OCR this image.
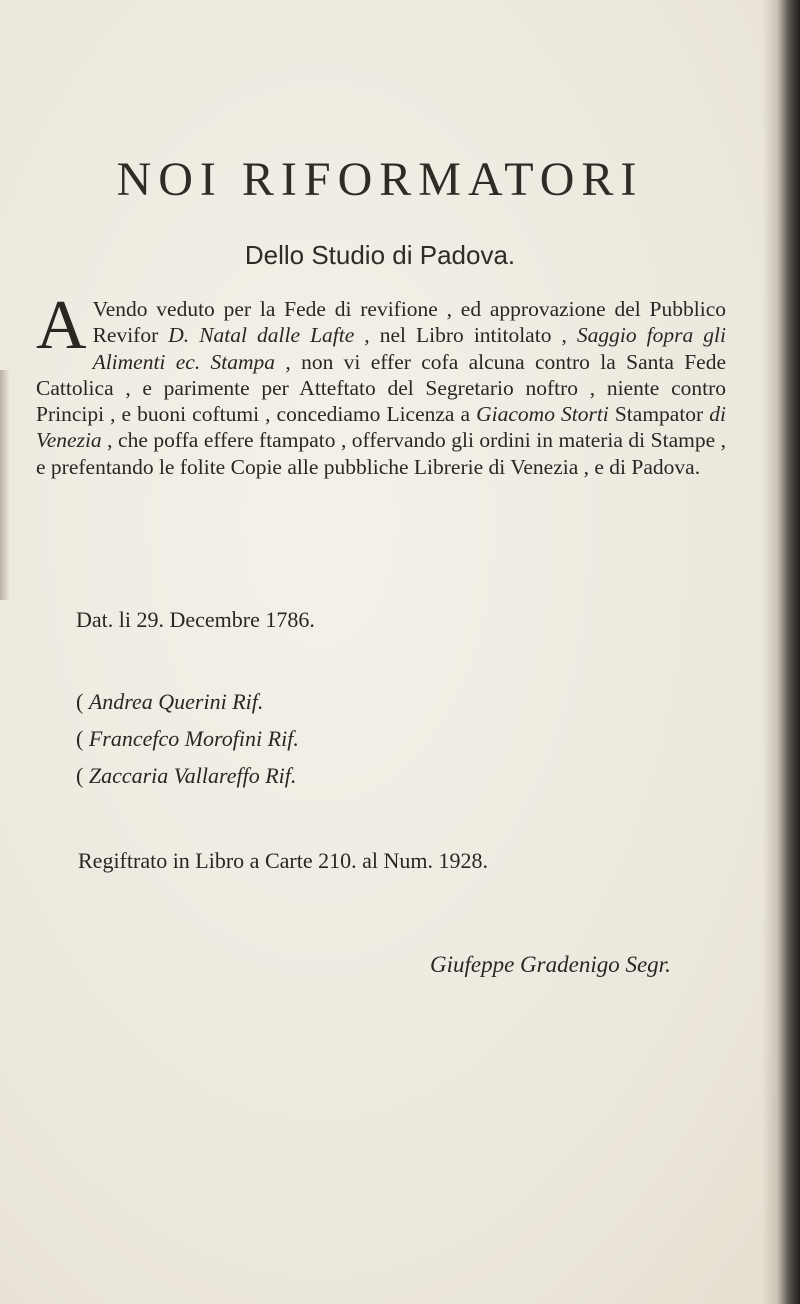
NOI RIFORMATORI
Dello Studio di Padova.
A Vendo veduto per la Fede di revifione , ed approvazione del Pubblico Revifor D. Natal dalle Lafte , nel Libro intitolato , Saggio fopra gli Alimenti ec. Stampa , non vi effer cofa alcuna contro la Santa Fede Cattolica , e parimente per Atteftato del Segretario noftro , niente contro Principi , e buoni coftumi , concediamo Licenza a Giacomo Storti Stampator di Venezia , che poffa effere ftampato , offervando gli ordini in materia di Stampe , e prefentando le folite Copie alle pubbliche Librerie di Venezia , e di Padova.
Dat. li 29. Decembre 1786.
( Andrea Querini Rif.
( Francefco Morofini Rif.
( Zaccaria Vallareffo Rif.
Regiftrato in Libro a Carte 210. al Num. 1928.
Giufeppe Gradenigo Segr.
